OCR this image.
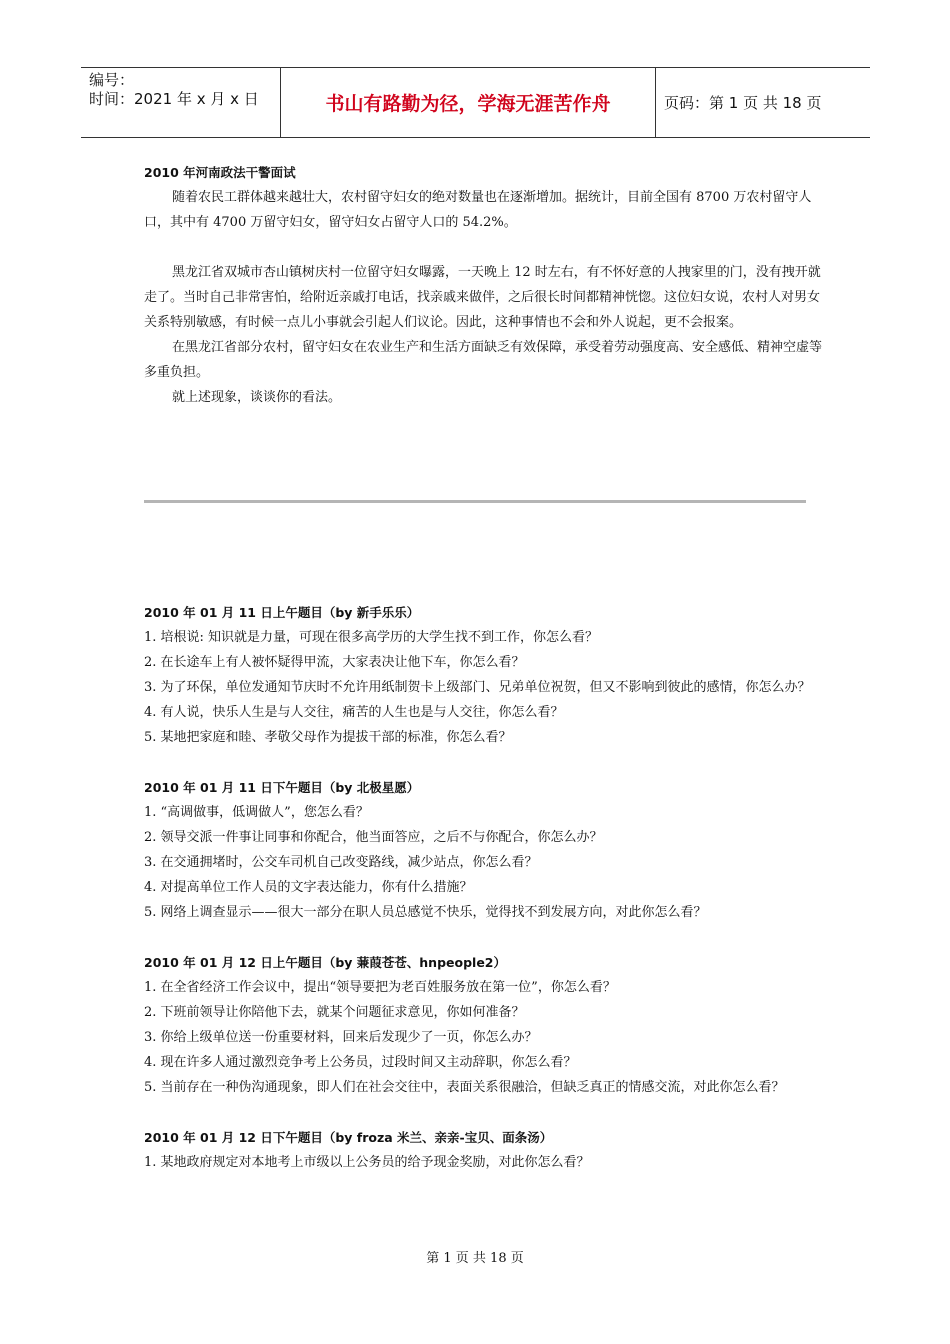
编号：
时间：2021 年 x 月 x 日	书山有路勤为径，学海无涯苦作舟	页码：第 1 页 共 18 页
2010 年河南政法干警面试

随着农民工群体越来越壮大，农村留守妇女的绝对数量也在逐渐增加。据统计，目前全国有 8700 万农村留守人口，其中有 4700 万留守妇女，留守妇女占留守人口的 54.2%。

黑龙江省双城市杏山镇树庆村一位留守妇女曝露，一天晚上 12 时左右，有不怀好意的人拽家里的门，没有拽开就走了。当时自己非常害怕，给附近亲戚打电话，找亲戚来做伴，之后很长时间都精神恍惚。这位妇女说，农村人对男女关系特别敏感，有时候一点儿小事就会引起人们议论。因此，这种事情也不会和外人说起，更不会报案。

在黑龙江省部分农村，留守妇女在农业生产和生活方面缺乏有效保障，承受着劳动强度高、安全感低、精神空虚等多重负担。

就上述现象，谈谈你的看法。

2010 年 01 月 11 日上午题目（by 新手乐乐）

1. 培根说: 知识就是力量，可现在很多高学历的大学生找不到工作，你怎么看？

2. 在长途车上有人被怀疑得甲流，大家表决让他下车，你怎么看？

3. 为了环保，单位发通知节庆时不允许用纸制贺卡上级部门、兄弟单位祝贺，但又不影响到彼此的感情，你怎么办？

4. 有人说，快乐人生是与人交往，痛苦的人生也是与人交往，你怎么看？

5. 某地把家庭和睦、孝敬父母作为提拔干部的标准，你怎么看？

2010 年 01 月 11 日下午题目（by 北极星愿）

1. “高调做事，低调做人”，您怎么看？

2. 领导交派一件事让同事和你配合，他当面答应，之后不与你配合，你怎么办？

3. 在交通拥堵时，公交车司机自己改变路线，减少站点，你怎么看？

4. 对提高单位工作人员的文字表达能力，你有什么措施？

5. 网络上调查显示——很大一部分在职人员总感觉不快乐，觉得找不到发展方向，对此你怎么看？

2010 年 01 月 12 日上午题目（by 蒹葭苍苍、hnpeople2）

1. 在全省经济工作会议中，提出“领导要把为老百姓服务放在第一位”，你怎么看？

2. 下班前领导让你陪他下去，就某个问题征求意见，你如何准备？

3. 你给上级单位送一份重要材料，回来后发现少了一页，你怎么办？

4. 现在许多人通过激烈竞争考上公务员，过段时间又主动辞职，你怎么看？

5. 当前存在一种伪沟通现象，即人们在社会交往中，表面关系很融洽，但缺乏真正的情感交流，对此你怎么看？

2010 年 01 月 12 日下午题目（by froza 米兰、亲亲-宝贝、面条汤）

1. 某地政府规定对本地考上市级以上公务员的给予现金奖励，对此你怎么看？

第 1 页 共 18 页
